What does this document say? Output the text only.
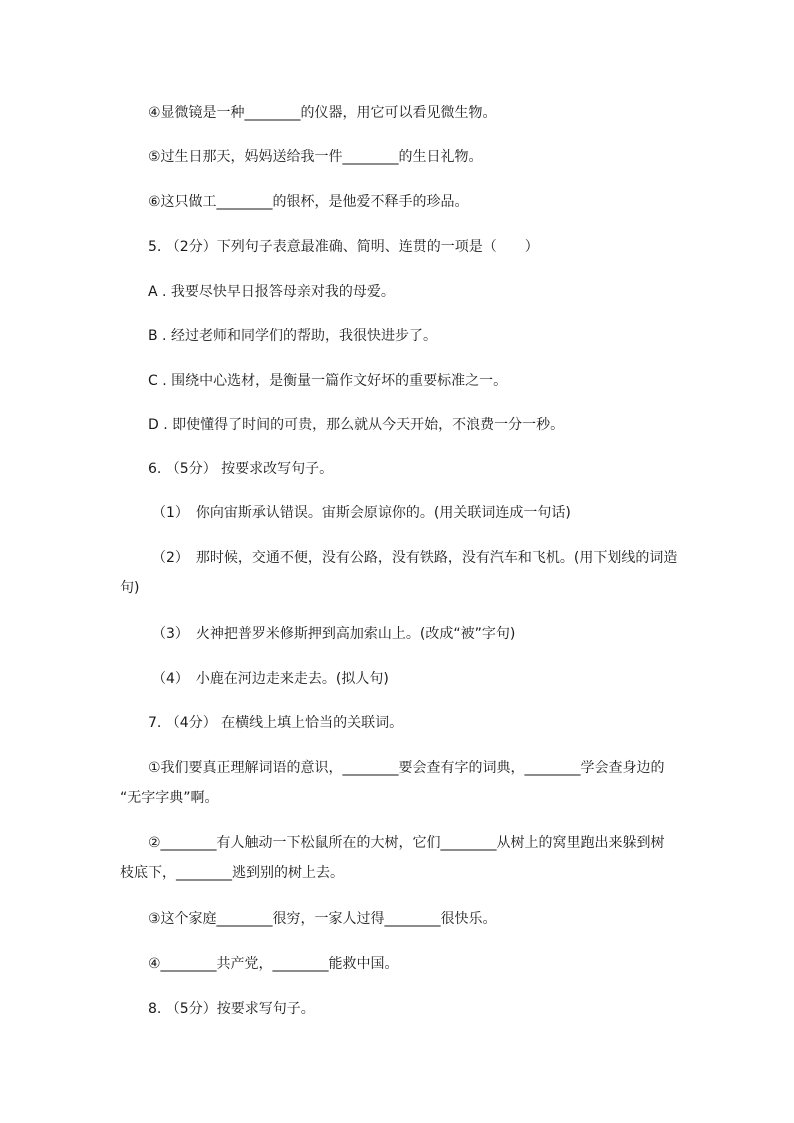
④显微镜是一种________的仪器，用它可以看见微生物。
⑤过生日那天，妈妈送给我一件________的生日礼物。
⑥这只做工________的银杯，是他爱不释手的珍品。
5. （2分）下列句子表意最准确、简明、连贯的一项是（　　）
A . 我要尽快早日报答母亲对我的母爱。
B . 经过老师和同学们的帮助，我很快进步了。
C . 围绕中心选材，是衡量一篇作文好坏的重要标准之一。
D . 即使懂得了时间的可贵，那么就从今天开始，不浪费一分一秒。
6. （5分） 按要求改写句子。
（1）　你向宙斯承认错误。宙斯会原谅你的。(用关联词连成一句话)
（2）　那时候，交通不便，没有公路，没有铁路，没有汽车和飞机。(用下划线的词造
句)
（3）　火神把普罗米修斯押到高加索山上。(改成“被”字句)
（4）　小鹿在河边走来走去。(拟人句)
7. （4分） 在横线上填上恰当的关联词。
①我们要真正理解词语的意识，________要会查有字的词典，________学会查身边的
“无字字典”啊。
②________有人触动一下松鼠所在的大树，它们________从树上的窝里跑出来躲到树
枝底下，________逃到别的树上去。
③这个家庭________很穷，一家人过得________很快乐。
④________共产党，________能救中国。
8. （5分）按要求写句子。
